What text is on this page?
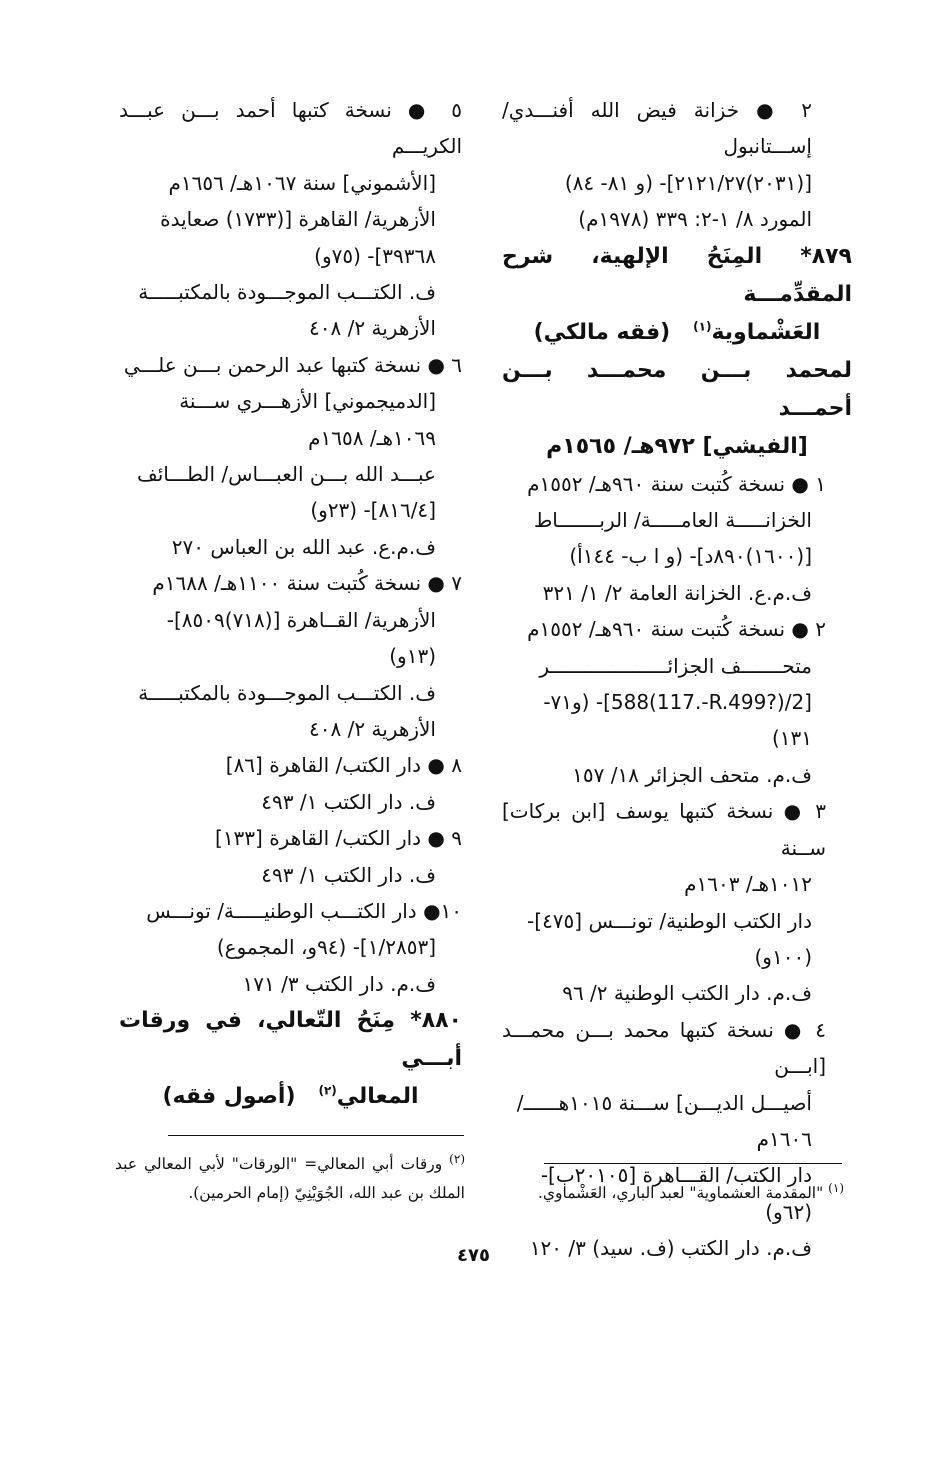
٢ ● خزانة فيض الله أفنـــدي/ إســـتانبول

[(٢٠٣١)٢١٢١/٢٧]- (و ٨١- ٨٤)

المورد ٨/ ١-٢: ٣٣٩ (١٩٧٨م)

٨٧٩* المِنَحُ الإلهية، شرح المقدِّمـــة

العَشْماوية$^{(١)}$   (فقه مالكي)

لمحمد بـــن محمـــد بـــن أحمـــد

[الفيشي] ٩٧٢هـ/ ١٥٦٥م

١ ● نسخة كُتبت سنة ٩٦٠هـ/ ١٥٥٢م

الخزانـــــة العامـــــة/ الربـــــــاط

[(١٦٠٠)٨٩٠د]- (و ا ب- ١٤٤أ)

ف.م.ع. الخزانة العامة ٢/ ١/ ٣٢١

٢ ● نسخة كُتبت سنة ٩٦٠هـ/ ١٥٥٢م

متحـــــــف الجزائــــــــــــــــــــر

[588(117.-R.499?)/2]- (و٧١-

١٣١)

ف.م. متحف الجزائر ١٨/ ١٥٧

٣ ● نسخة كتبها يوسف [ابن بركات] ســنة

١٠١٢هـ/ ١٦٠٣م

دار الكتب الوطنية/ تونـــس [٤٧٥]-

(١٠٠و)

ف.م. دار الكتب الوطنية ٢/ ٩٦

٤ ● نسخة كتبها محمد بـــن محمـــد [ابـــن

أصيـــل الديـــن] ســـنة ١٠١٥هــــــ/

١٦٠٦م

دار الكتب/ القـــاهرة [٢٠١٠٥ب]-

(٦٢و)

ف.م. دار الكتب (ف. سيد) ٣/ ١٢٠

٥ ● نسخة كتبها أحمد بـــن عبـــد الكريـــم

[الأشموني] سنة ١٠٦٧هـ/ ١٦٥٦م

الأزهرية/ القاهرة [(١٧٣٣) صعايدة

٣٩٣٦٨]- (٧٥و)

ف. الكتـــب الموجـــودة بالمكتبـــــة

الأزهرية ٢/ ٤٠٨

٦ ● نسخة كتبها عبد الرحمن بـــن علـــي

[الدميجموني] الأزهـــري ســـنة

١٠٦٩هـ/ ١٦٥٨م

عبـــد الله بـــن العبـــاس/ الطـــائف

[٨١٦/٤]- (٢٣و)

ف.م.ع. عبد الله بن العباس ٢٧٠

٧ ● نسخة كُتبت سنة ١١٠٠هـ/ ١٦٨٨م

الأزهرية/ القــاهرة [(٧١٨)٨٥٠٩]-

(١٣و)

ف. الكتـــب الموجـــودة بالمكتبـــــة

الأزهرية ٢/ ٤٠٨

٨ ● دار الكتب/ القاهرة [٨٦]

ف. دار الكتب ١/ ٤٩٣

٩ ● دار الكتب/ القاهرة [١٣٣]

ف. دار الكتب ١/ ٤٩٣

١٠● دار الكتـــب الوطنيـــــة/ تونـــس

[١/٢٨٥٣]- (٩٤و، المجموع)

ف.م. دار الكتب ٣/ ١٧١

٨٨٠* مِنَحُ التّعالي، في ورقات أبـــي

المعالي$^{(٢)}$   (أصول فقه)

$^{(١)}$ "المقدمة العشماوية" لعبد الباري، العَشْماوي.
$^{(٢)}$ ورقات أبي المعالي= "الورقات" لأبي المعالي عبد الملك بن عبد الله، الجُوَيْنِيّ (إمام الحرمين).
٤٧٥
